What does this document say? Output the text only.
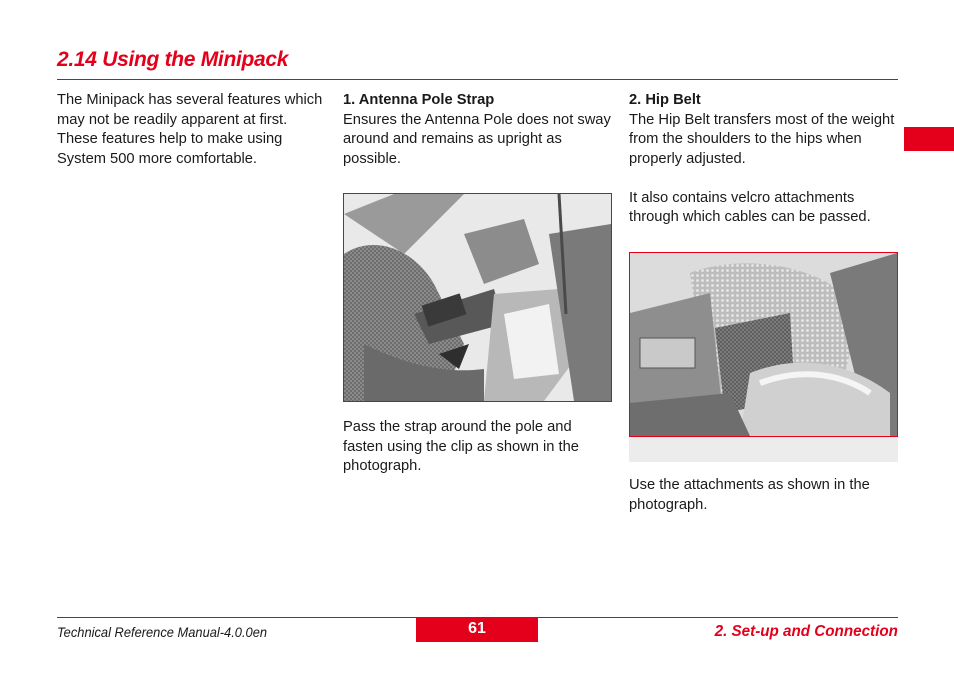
2.14 Using the Minipack

The Minipack has several features which may not be readily apparent at first. These features help to make using System 500 more comfortable.

1. Antenna Pole Strap

Ensures the Antenna Pole does not sway around and remains as upright as possible.

2. Hip Belt

The Hip Belt transfers most of the weight from the shoulders to the hips when properly adjusted.

It also contains velcro attachments through which cables can be passed.

Pass the strap around the pole and fasten using the clip as shown in the photograph.

Use the attachments as shown in the photograph.

Technical Reference Manual-4.0.0en	61	2. Set-up and Connection
